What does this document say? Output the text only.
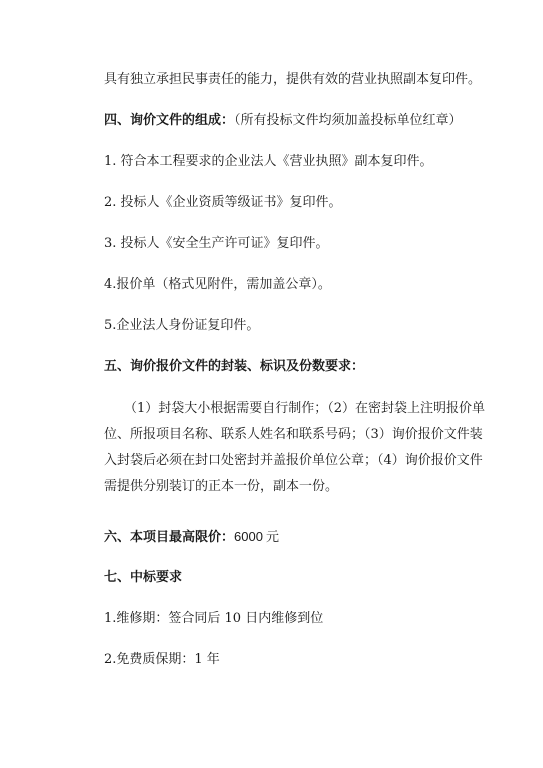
具有独立承担民事责任的能力，提供有效的营业执照副本复印件。
四、询价文件的组成：（所有投标文件均须加盖投标单位红章）
1. 符合本工程要求的企业法人《营业执照》副本复印件。
2. 投标人《企业资质等级证书》复印件。
3. 投标人《安全生产许可证》复印件。
4.报价单（格式见附件，需加盖公章）。
5.企业法人身份证复印件。
五、询价报价文件的封装、标识及份数要求：
（1）封袋大小根据需要自行制作；（2）在密封袋上注明报价单
位、所报项目名称、联系人姓名和联系号码；（3）询价报价文件装
入封袋后必须在封口处密封并盖报价单位公章；（4）询价报价文件
需提供分别装订的正本一份，副本一份。
六、本项目最高限价：6000 元
七、中标要求
1.维修期：签合同后 10 日内维修到位
2.免费质保期：1 年
